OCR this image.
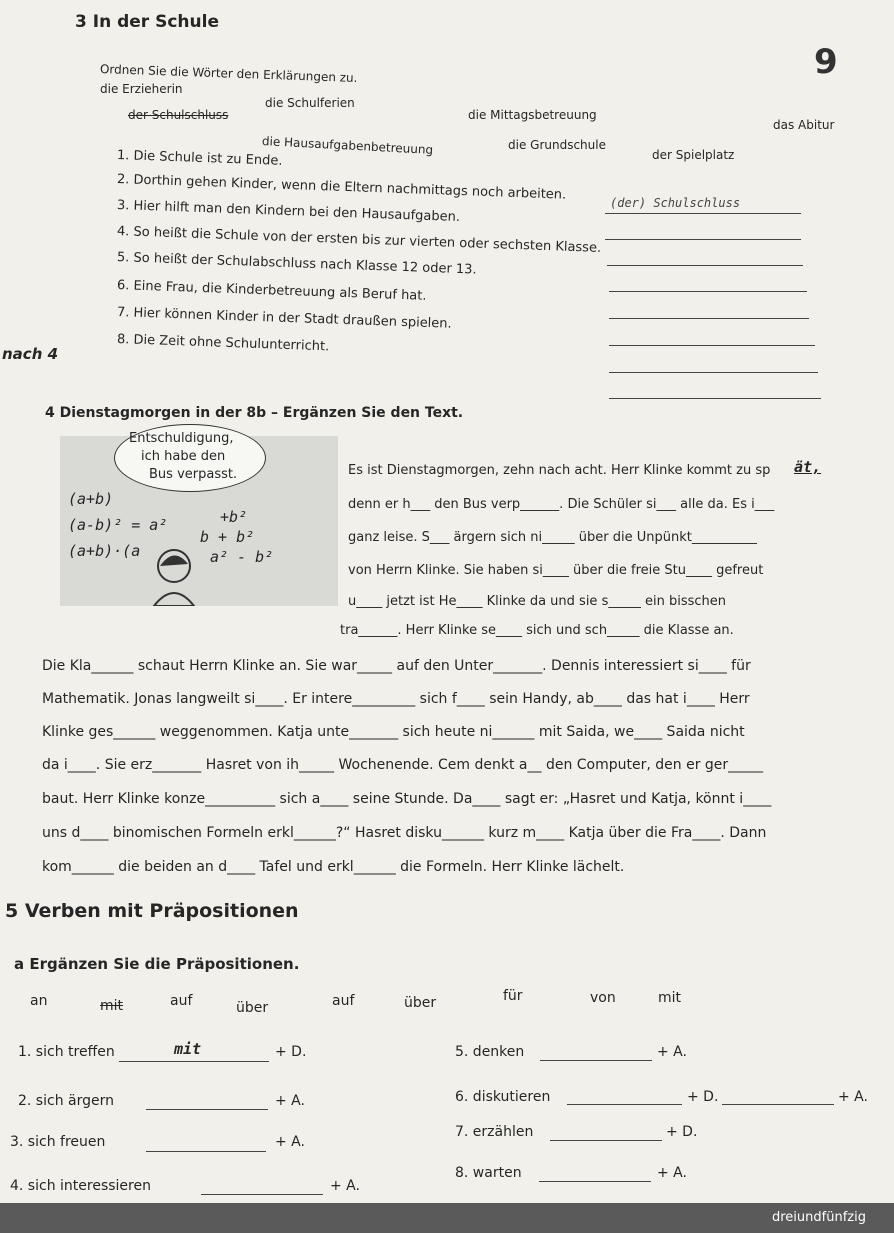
3 In der Schule
9
Ordnen Sie die Wörter den Erklärungen zu.
die Erzieherin
die Schulferien
die Mittagsbetreuung
das Abitur
der Schulschluss
die Hausaufgabenbetreuung	die Grundschule
der Spielplatz
1. Die Schule ist zu Ende.
2. Dorthin gehen Kinder, wenn die Eltern nachmittags noch arbeiten.
3. Hier hilft man den Kindern bei den Hausaufgaben.
4. So heißt die Schule von der ersten bis zur vierten oder sechsten Klasse.
5. So heißt der Schulabschluss nach Klasse 12 oder 13.
6. Eine Frau, die Kinderbetreuung als Beruf hat.
7. Hier können Kinder in der Stadt draußen spielen.
8. Die Zeit ohne Schulunterricht.
(der) Schulschluss
nach 4
4 Dienstagmorgen in der 8b – Ergänzen Sie den Text.
(a+b)
(a-b)² = a²	+b²
b + b²
(a+b)·(a	a² - b²
Entschuldigung,
ich habe den
Bus verpasst.	Es ist Dienstagmorgen, zehn nach acht. Herr Klinke kommt zu sp ät,
denn er h___ den Bus verp______. Die Schüler si___ alle da. Es i___
ganz leise. S___ ärgern sich ni_____ über die Unpünkt__________
von Herrn Klinke. Sie haben si____ über die freie Stu____ gefreut
u____ jetzt ist He____ Klinke da und sie s_____ ein bisschen
tra______. Herr Klinke se____ sich und sch_____ die Klasse an.
Die Kla______ schaut Herrn Klinke an. Sie war_____ auf den Unter_______. Dennis interessiert si____ für
Mathematik. Jonas langweilt si____. Er intere_________ sich f____ sein Handy, ab____ das hat i____ Herr
Klinke ges______ weggenommen. Katja unte_______ sich heute ni______ mit Saida, we____ Saida nicht
da i____. Sie erz_______ Hasret von ih_____ Wochenende. Cem denkt a__ den Computer, den er ger_____
baut. Herr Klinke konze__________ sich a____ seine Stunde. Da____ sagt er: „Hasret und Katja, könnt i____
uns d____ binomischen Formeln erkl______?“ Hasret disku______ kurz m____ Katja über die Fra____. Dann
kom______ die beiden an d____ Tafel und erkl______ die Formeln. Herr Klinke lächelt.
5 Verben mit Präpositionen
a Ergänzen Sie die Präpositionen.
an	mit	auf	über	auf	über	für	von	mit
1. sich treffen	mit	+ D.
2. sich ärgern	+ A.
3. sich freuen	+ A.
4. sich interessieren	+ A.
5. denken	+ A.
6. diskutieren	+ D.	+ A.
7. erzählen	+ D.
8. warten	+ A.
dreiundfünfzig
